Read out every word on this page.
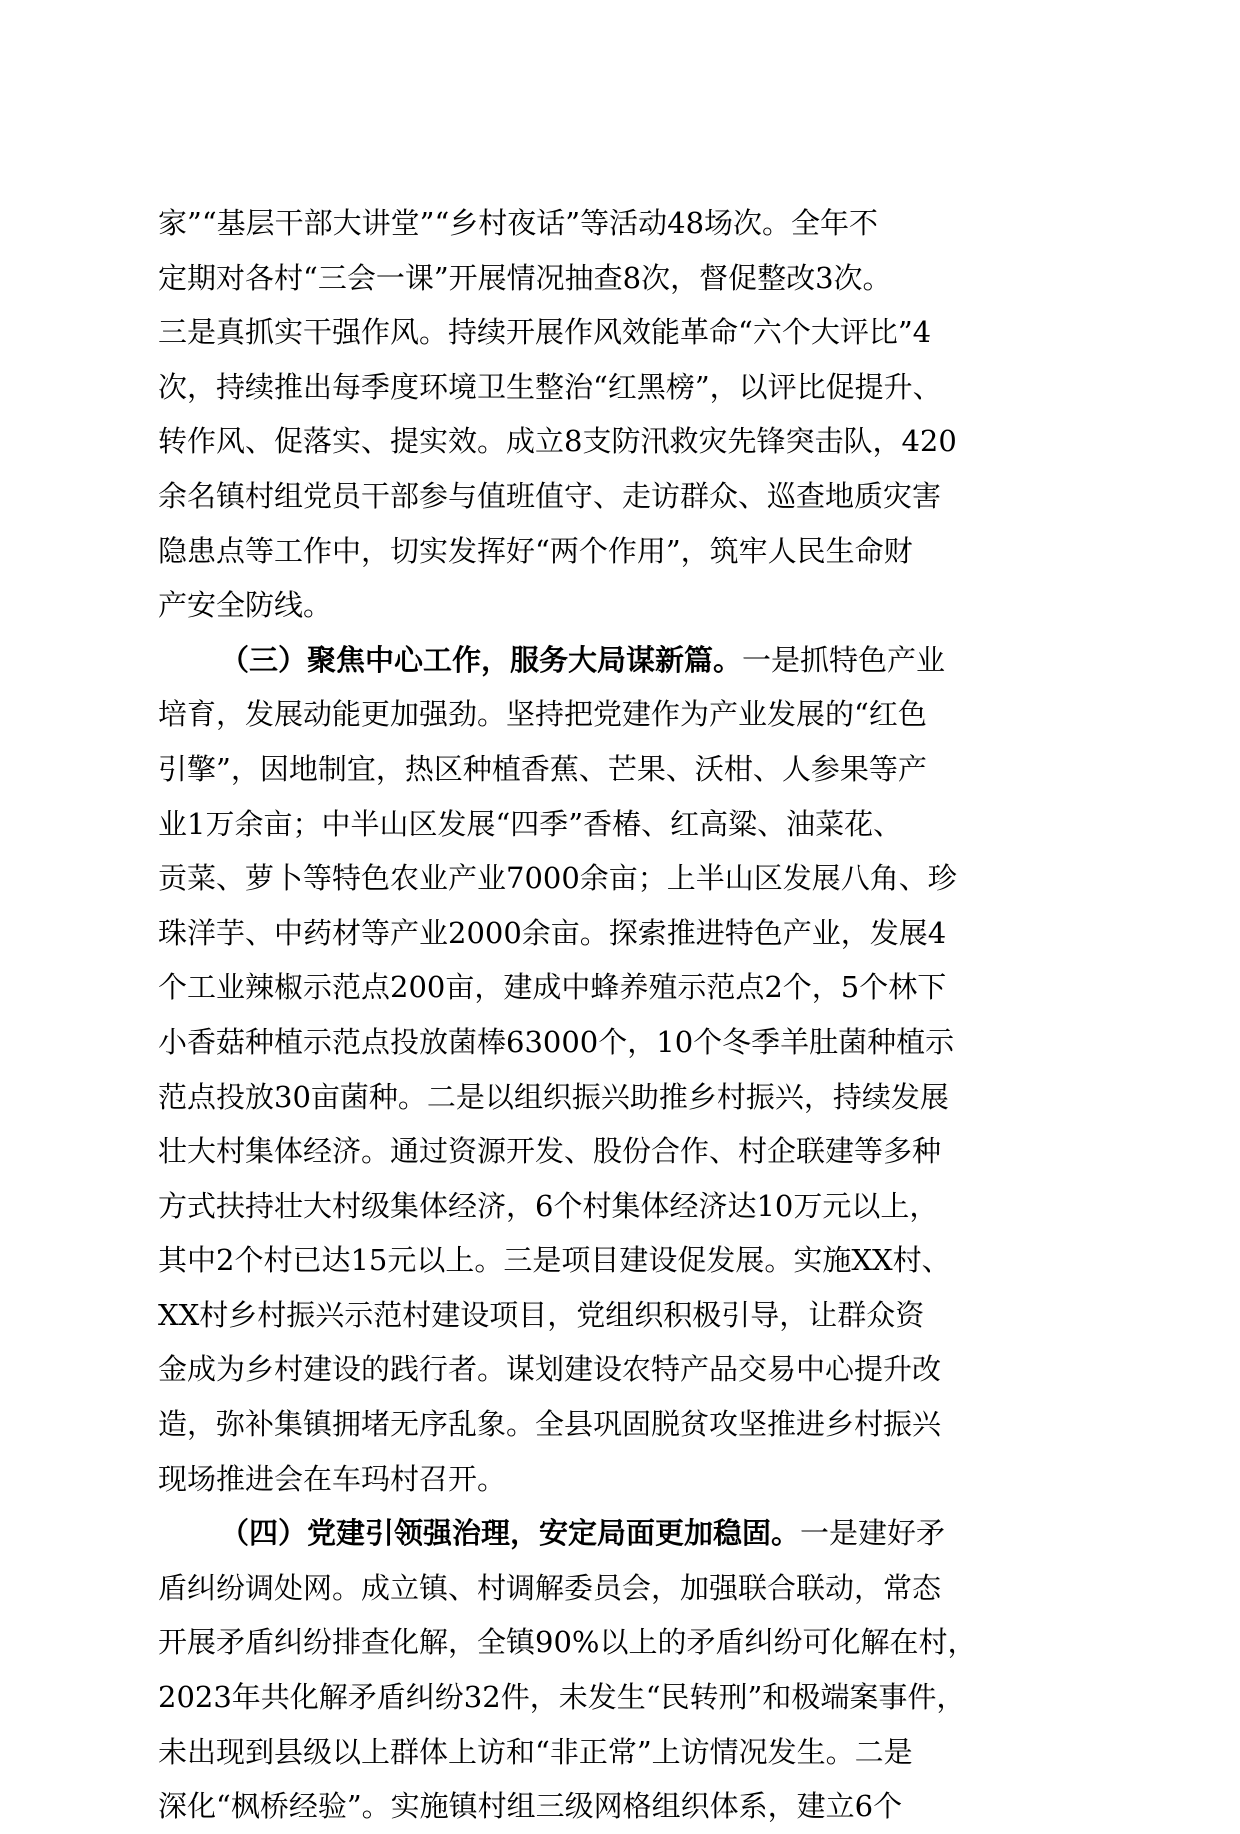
家”“基层干部大讲堂”“乡村夜话”等活动48场次。全年不
定期对各村“三会一课”开展情况抽查8次，督促整改3次。
三是真抓实干强作风。持续开展作风效能革命“六个大评比”4
次，持续推出每季度环境卫生整治“红黑榜”，以评比促提升、
转作风、促落实、提实效。成立8支防汛救灾先锋突击队，420
余名镇村组党员干部参与值班值守、走访群众、巡查地质灾害
隐患点等工作中，切实发挥好“两个作用”，筑牢人民生命财
产安全防线。
（三）聚焦中心工作，服务大局谋新篇。一是抓特色产业
培育，发展动能更加强劲。坚持把党建作为产业发展的“红色
引擎”，因地制宜，热区种植香蕉、芒果、沃柑、人参果等产
业1万余亩；中半山区发展“四季”香椿、红高粱、油菜花、
贡菜、萝卜等特色农业产业7000余亩；上半山区发展八角、珍
珠洋芋、中药材等产业2000余亩。探索推进特色产业，发展4
个工业辣椒示范点200亩，建成中蜂养殖示范点2个，5个林下
小香菇种植示范点投放菌棒63000个，10个冬季羊肚菌种植示
范点投放30亩菌种。二是以组织振兴助推乡村振兴，持续发展
壮大村集体经济。通过资源开发、股份合作、村企联建等多种
方式扶持壮大村级集体经济，6个村集体经济达10万元以上，
其中2个村已达15元以上。三是项目建设促发展。实施XX村、
XX村乡村振兴示范村建设项目，党组织积极引导，让群众资
金成为乡村建设的践行者。谋划建设农特产品交易中心提升改
造，弥补集镇拥堵无序乱象。全县巩固脱贫攻坚推进乡村振兴
现场推进会在车玛村召开。
（四）党建引领强治理，安定局面更加稳固。一是建好矛
盾纠纷调处网。成立镇、村调解委员会，加强联合联动，常态
开展矛盾纠纷排查化解，全镇90%以上的矛盾纠纷可化解在村，
2023年共化解矛盾纠纷32件，未发生“民转刑”和极端案事件，
未出现到县级以上群体上访和“非正常”上访情况发生。二是
深化“枫桥经验”。实施镇村组三级网格组织体系，建立6个
